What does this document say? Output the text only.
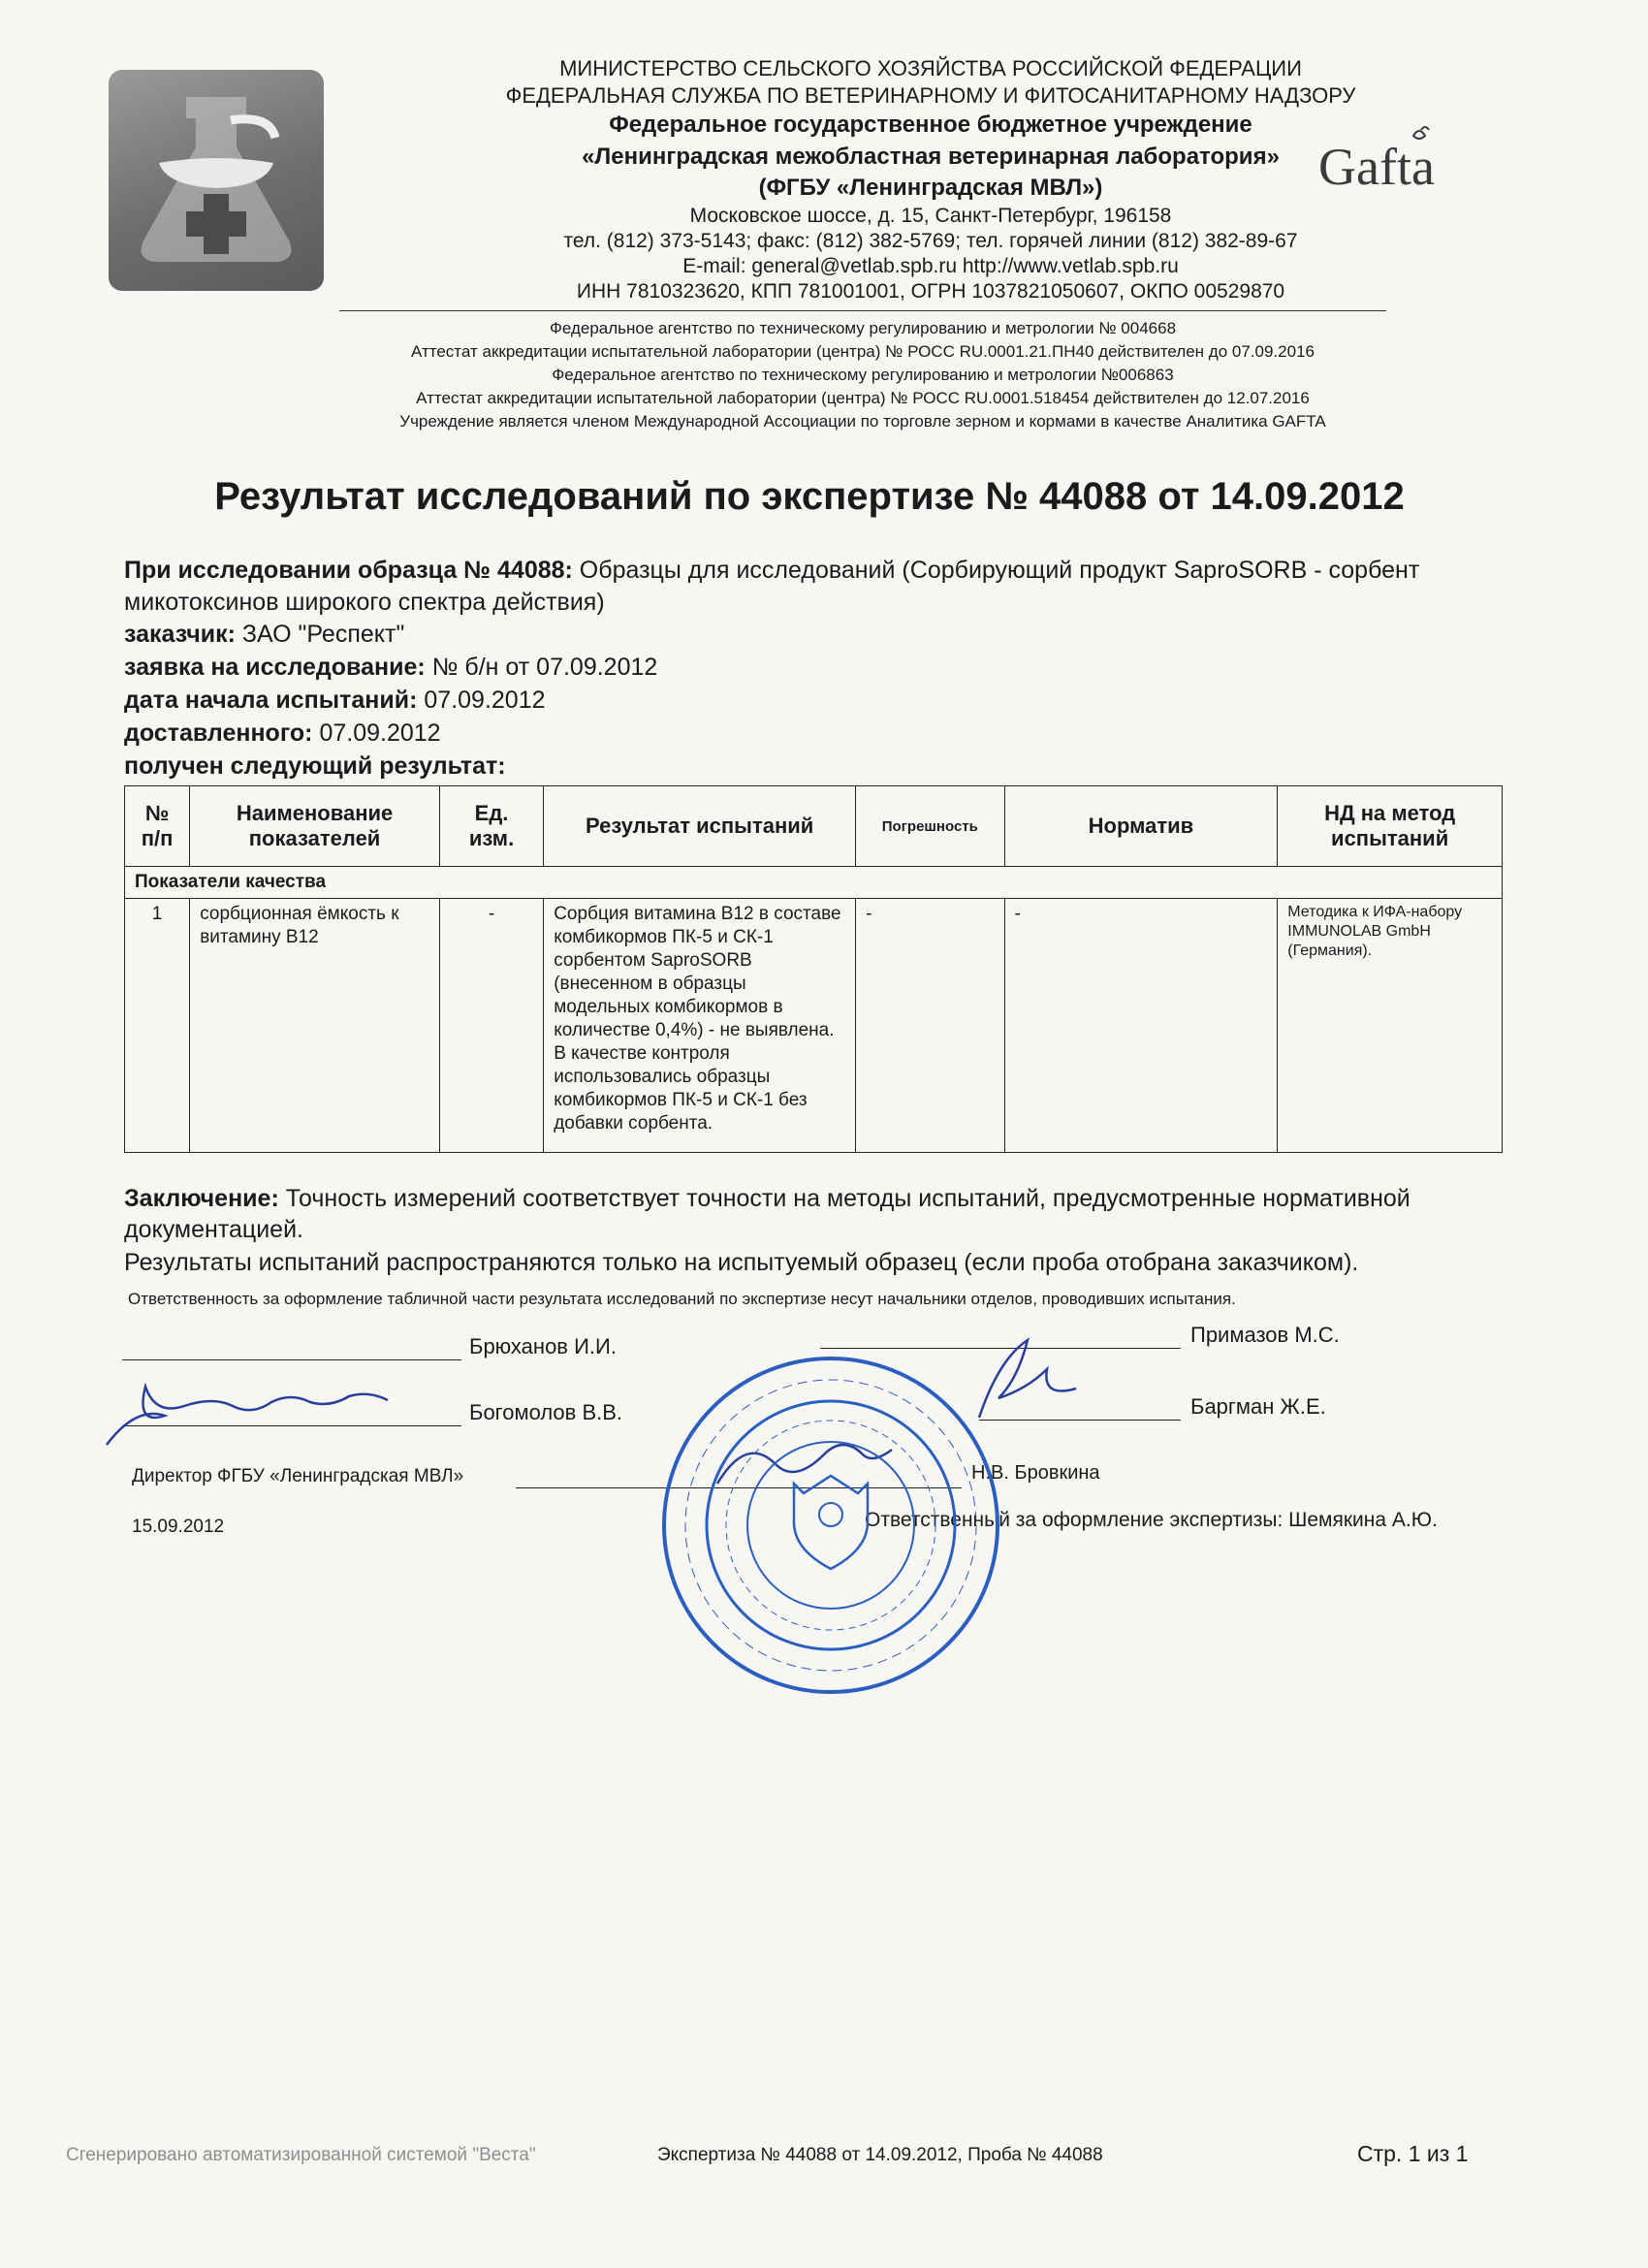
МИНИСТЕРСТВО СЕЛЬСКОГО ХОЗЯЙСТВА РОССИЙСКОЙ ФЕДЕРАЦИИ
ФЕДЕРАЛЬНАЯ СЛУЖБА ПО ВЕТЕРИНАРНОМУ И ФИТОСАНИТАРНОМУ НАДЗОРУ
Федеральное государственное бюджетное учреждение
«Ленинградская межобластная ветеринарная лаборатория»
(ФГБУ «Ленинградская МВЛ»)
Московское шоссе, д. 15, Санкт-Петербург, 196158
тел. (812) 373-5143; факс: (812) 382-5769; тел. горячей линии (812) 382-89-67
E-mail: general@vetlab.spb.ru http://www.vetlab.spb.ru
ИНН 7810323620, КПП 781001001, ОГРН 1037821050607, ОКПО 00529870
Gafta
Федеральное агентство по техническому регулированию и метрологии № 004668
Аттестат аккредитации испытательной лаборатории (центра) № РОСС RU.0001.21.ПН40 действителен до 07.09.2016
Федеральное агентство по техническому регулированию и метрологии №006863
Аттестат аккредитации испытательной лаборатории (центра) № РОСС RU.0001.518454 действителен до 12.07.2016
Учреждение является членом Международной Ассоциации по торговле зерном и кормами в качестве Аналитика GAFTA
Результат исследований по экспертизе № 44088 от 14.09.2012
При исследовании образца № 44088: Образцы для исследований (Сорбирующий продукт SaproSORB - сорбент микотоксинов широкого спектра действия)
заказчик: ЗАО "Респект"
заявка на исследование: № б/н от 07.09.2012
дата начала испытаний: 07.09.2012
доставленного: 07.09.2012
получен следующий результат:
№ п/п	Наименование показателей	Ед. изм.	Результат испытаний	Погрешность	Норматив	НД на метод испытаний
Показатели качества						
1	сорбционная ёмкость к витамину В12	-	Сорбция витамина В12 в составе комбикормов ПК-5 и СК-1 сорбентом SaproSORB (внесенном в образцы модельных комбикормов в количестве 0,4%) - не выявлена. В качестве контроля использовались образцы комбикормов ПК-5 и СК-1 без добавки сорбента.	-	-	Методика к ИФА-набору IMMUNOLAB GmbH (Германия).
Заключение: Точность измерений соответствует точности на методы испытаний, предусмотренные нормативной документацией.
Результаты испытаний распространяются только на испытуемый образец (если проба отобрана заказчиком).
Ответственность за оформление табличной части результата исследований по экспертизе несут начальники отделов, проводивших испытания.
Брюханов И.И.	Примазов М.С.
Богомолов В.В.	Баргман Ж.Е.
Директор ФГБУ «Ленинградская МВЛ»	Н.В. Бровкина
15.09.2012	Ответственный за оформление экспертизы: Шемякина А.Ю.
Сгенерировано автоматизированной системой "Веста"	Экспертиза № 44088 от 14.09.2012, Проба № 44088	Стр. 1 из 1
